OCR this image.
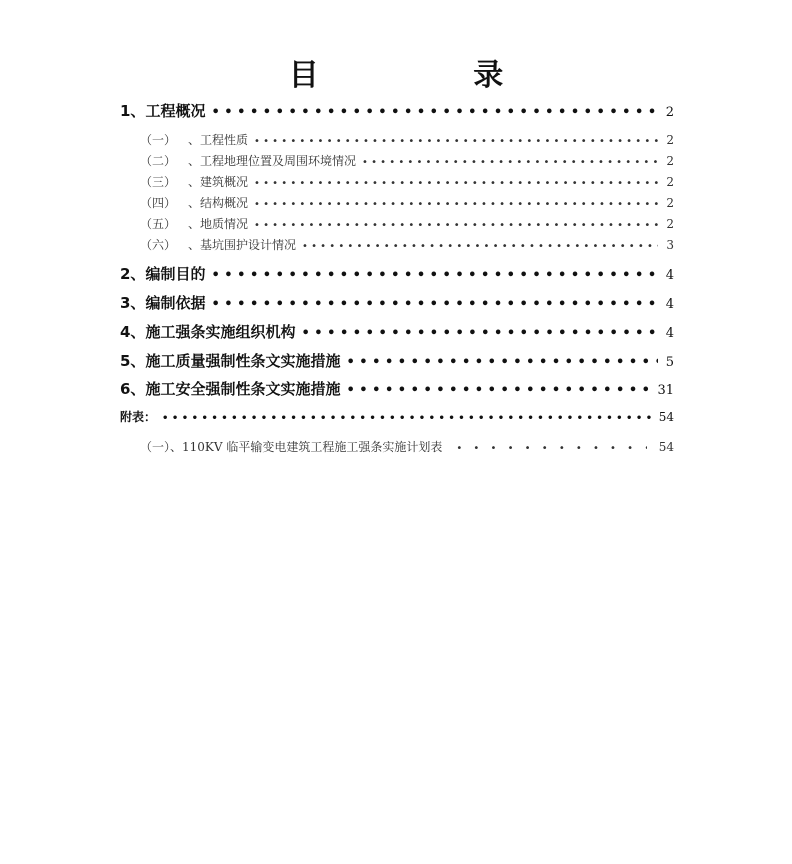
目 录
1、 工程概况 • • •	2
（一） 、工程性质 • • •	2
（二） 、工程地理位置及周围环境情况 • • •	2
（三） 、建筑概况 • • •	2
（四） 、结构概况 • • •	2
（五） 、地质情况 • • •	2
（六） 、基坑围护设计情况 • • •	3
2、 编制目的 • • •	4
3、 编制依据 • • •	4
4、 施工强条实施组织机构 • • •	4
5、 施工质量强制性条文实施措施 • • •	5
6、 施工安全强制性条文实施措施 • • •	31
附表： • • •	54
（一）、110KV 临平输变电建筑工程施工强条实施计划表 • • •	54
